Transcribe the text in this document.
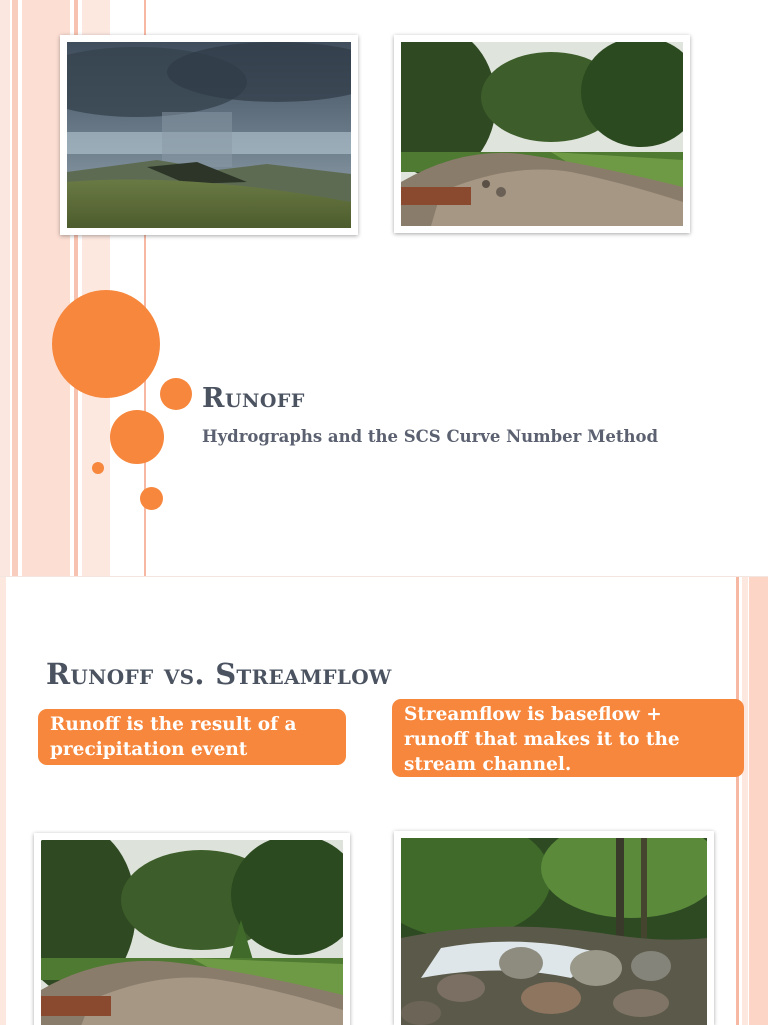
Runoff

Hydrographs and the SCS Curve Number Method

Runoff vs. Streamflow
Runoff is the result of a precipitation event
Streamflow is baseflow + runoff that makes it to the stream channel.
